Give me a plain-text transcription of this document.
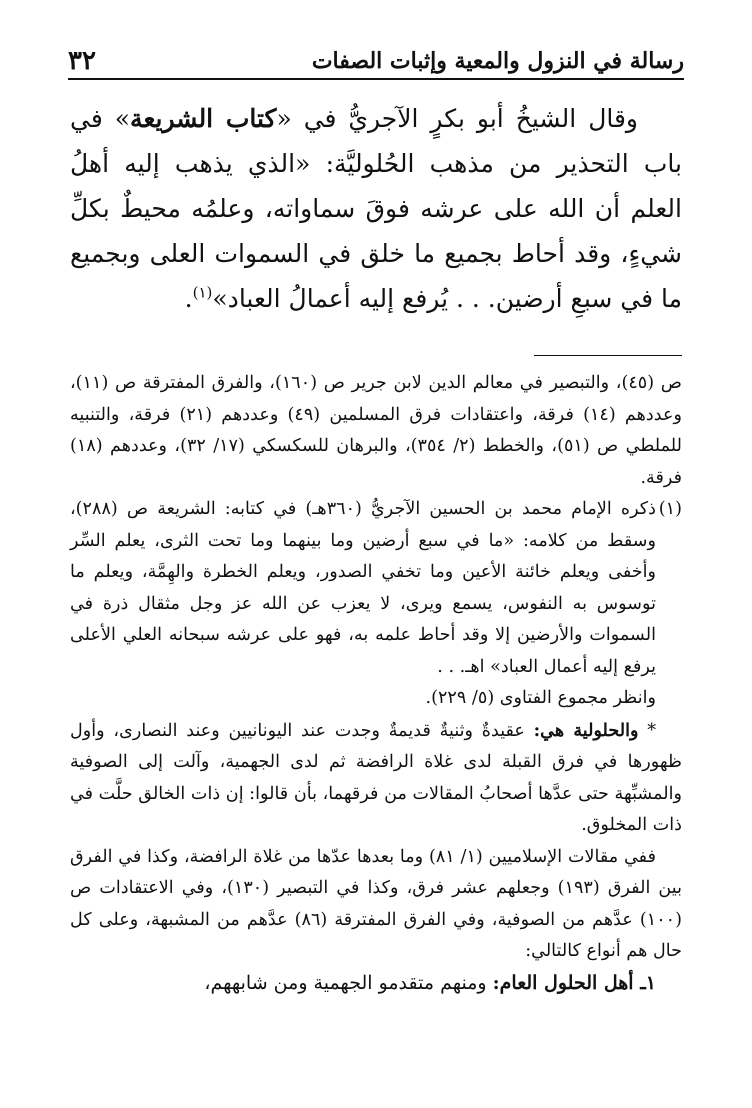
رسالة في النزول والمعية وإثبات الصفات
٣٢

وقال الشيخُ أبو بكرٍ الآجريُّ في «كتاب الشريعة» في باب التحذير من مذهب الحُلوليَّة: «الذي يذهب إليه أهلُ العلم أن الله على عرشه فوقَ سماواته، وعلمُه محيطٌ بكلِّ شيءٍ، وقد أحاط بجميع ما خلق في السموات العلى وبجميع ما في سبعِ أرضين. . . يُرفع إليه أعمالُ العباد»$^{(١)}$.

ص (٤٥)، والتبصير في معالم الدين لابن جرير ص (١٦٠)، والفرق المفترقة ص (١١)، وعددهم (١٤) فرقة، واعتقادات فرق المسلمين (٤٩) وعددهم (٢١) فرقة، والتنبيه للملطي ص (٥١)، والخطط (٢/ ٣٥٤)، والبرهان للسكسكي (١٧/ ٣٢)، وعددهم (١٨) فرقة.

(١)
ذكره الإمام محمد بن الحسين الآجريُّ (٣٦٠هـ) في كتابه: الشريعة ص (٢٨٨)، وسقط من كلامه: «ما في سبع أرضين وما بينهما وما تحت الثرى، يعلم السِّر وأخفى ويعلم خائنة الأعين وما تخفي الصدور، ويعلم الخطرة والهِمَّة، ويعلم ما توسوس به النفوس، يسمع ويرى، لا يعزب عن الله عز وجل مثقال ذرة في السموات والأرضين إلا وقد أحاط علمه به، فهو على عرشه سبحانه العلي الأعلى يرفع إليه أعمال العباد» اهـ. . .
وانظر مجموع الفتاوى (٥/ ٢٢٩).

* والحلولية هي: عقيدةٌ وثنيةٌ قديمةٌ وجدت عند اليونانيين وعند النصارى، وأول ظهورها في فرق القبلة لدى غلاة الرافضة ثم لدى الجهمية، وآلت إلى الصوفية والمشبِّهة حتى عدَّها أصحابُ المقالات من فرقهما، بأن قالوا: إن ذات الخالق حلَّت في ذات المخلوق.

ففي مقالات الإسلاميين (١/ ٨١) وما بعدها عدّها من غلاة الرافضة، وكذا في الفرق بين الفرق (١٩٣) وجعلهم عشر فرق، وكذا في التبصير (١٣٠)، وفي الاعتقادات ص (١٠٠) عدَّهم من الصوفية، وفي الفرق المفترقة (٨٦) عدَّهم من المشبهة، وعلى كل حال هم أنواع كالتالي:

١ـ أهل الحلول العام: ومنهم متقدمو الجهمية ومن شابههم،
